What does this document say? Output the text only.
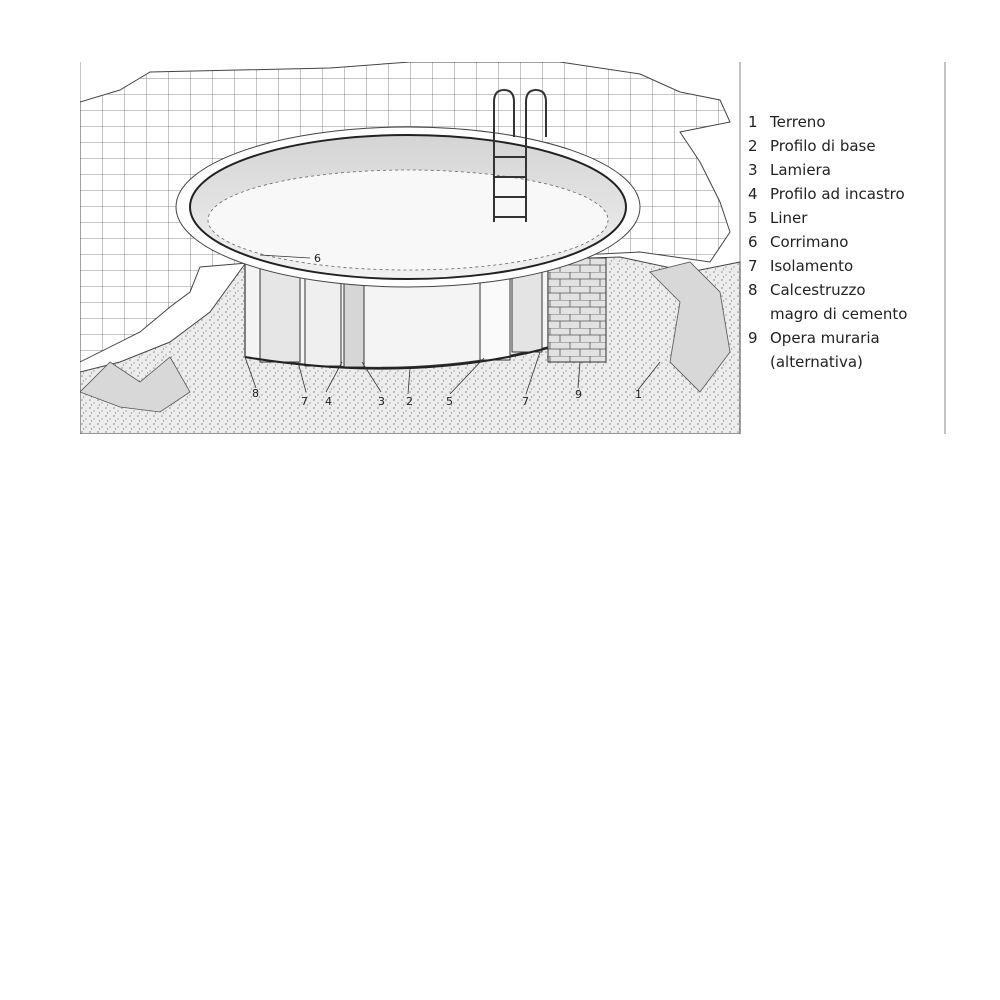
8
7 4	3 2	5	7
9	1
6
1 Terreno
2 Profilo di base
3 Lamiera
4 Profilo ad incastro
5 Liner
6 Corrimano
7 Isolamento
8 Calcestruzzo
magro di cemento
9 Opera muraria
(alternativa)
